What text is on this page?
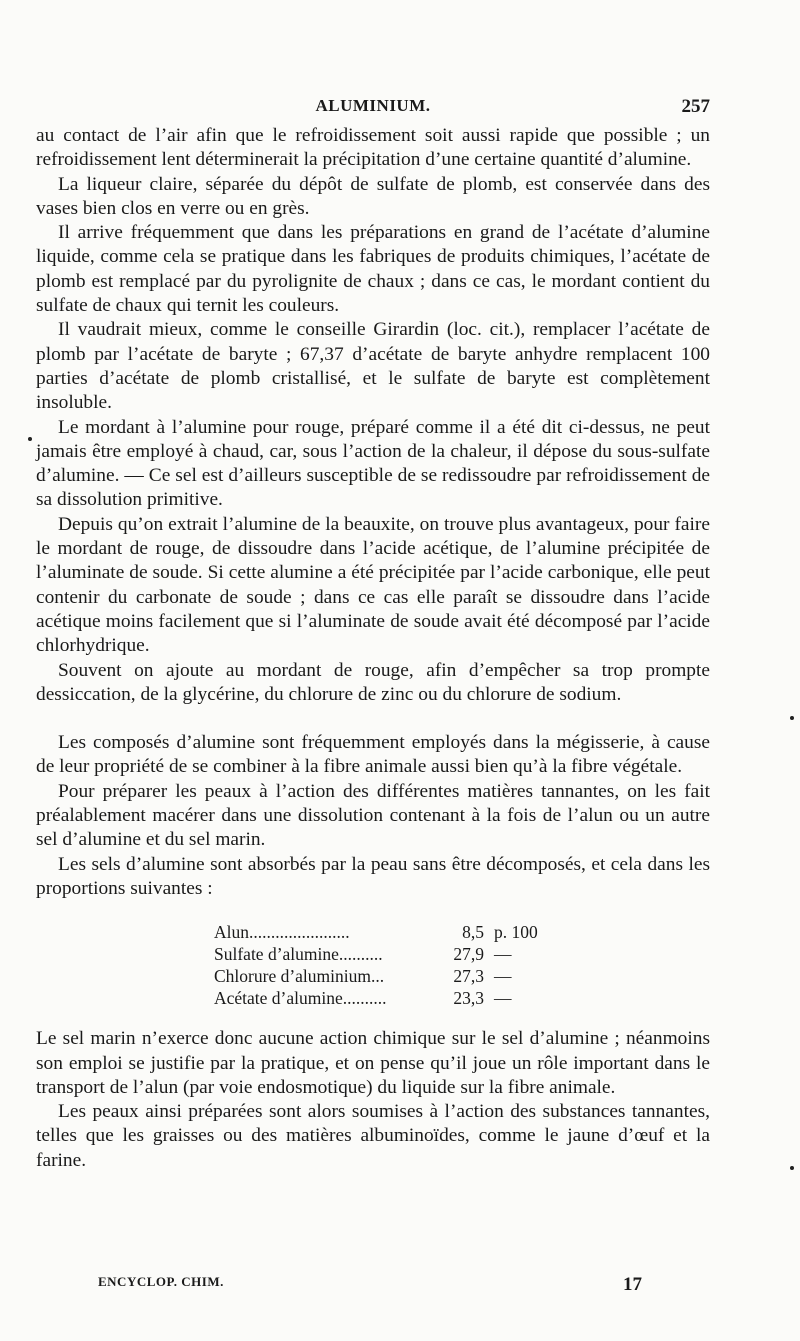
ALUMINIUM.	257

au contact de l’air afin que le refroidissement soit aussi rapide que possible ; un refroidissement lent déterminerait la précipitation d’une certaine quantité d’alumine.

La liqueur claire, séparée du dépôt de sulfate de plomb, est conservée dans des vases bien clos en verre ou en grès.

Il arrive fréquemment que dans les préparations en grand de l’acétate d’alumine liquide, comme cela se pratique dans les fabriques de produits chimiques, l’acétate de plomb est remplacé par du pyrolignite de chaux ; dans ce cas, le mordant contient du sulfate de chaux qui ternit les couleurs.

Il vaudrait mieux, comme le conseille Girardin (loc. cit.), remplacer l’acétate de plomb par l’acétate de baryte ; 67,37 d’acétate de baryte anhydre remplacent 100 parties d’acétate de plomb cristallisé, et le sulfate de baryte est complètement insoluble.

Le mordant à l’alumine pour rouge, préparé comme il a été dit ci-dessus, ne peut jamais être employé à chaud, car, sous l’action de la chaleur, il dépose du sous-sulfate d’alumine. — Ce sel est d’ailleurs susceptible de se redissoudre par refroidissement de sa dissolution primitive.

Depuis qu’on extrait l’alumine de la beauxite, on trouve plus avantageux, pour faire le mordant de rouge, de dissoudre dans l’acide acétique, de l’alumine précipitée de l’aluminate de soude. Si cette alumine a été précipitée par l’acide carbonique, elle peut contenir du carbonate de soude ; dans ce cas elle paraît se dissoudre dans l’acide acétique moins facilement que si l’aluminate de soude avait été décomposé par l’acide chlorhydrique.

Souvent on ajoute au mordant de rouge, afin d’empêcher sa trop prompte dessiccation, de la glycérine, du chlorure de zinc ou du chlorure de sodium.

Les composés d’alumine sont fréquemment employés dans la mégisserie, à cause de leur propriété de se combiner à la fibre animale aussi bien qu’à la fibre végétale.

Pour préparer les peaux à l’action des différentes matières tannantes, on les fait préalablement macérer dans une dissolution contenant à la fois de l’alun ou un autre sel d’alumine et du sel marin.

Les sels d’alumine sont absorbés par la peau sans être décomposés, et cela dans les proportions suivantes :

Alun.......................	8,5 p. 100
Sulfate d’alumine..........	27,9 —
Chlorure d’aluminium...	27,3 —
Acétate d’alumine..........	23,3 —

Le sel marin n’exerce donc aucune action chimique sur le sel d’alumine ; néanmoins son emploi se justifie par la pratique, et on pense qu’il joue un rôle important dans le transport de l’alun (par voie endosmotique) du liquide sur la fibre animale.

Les peaux ainsi préparées sont alors soumises à l’action des substances tannantes, telles que les graisses ou des matières albuminoïdes, comme le jaune d’œuf et la farine.

ENCYCLOP. CHIM.	17
